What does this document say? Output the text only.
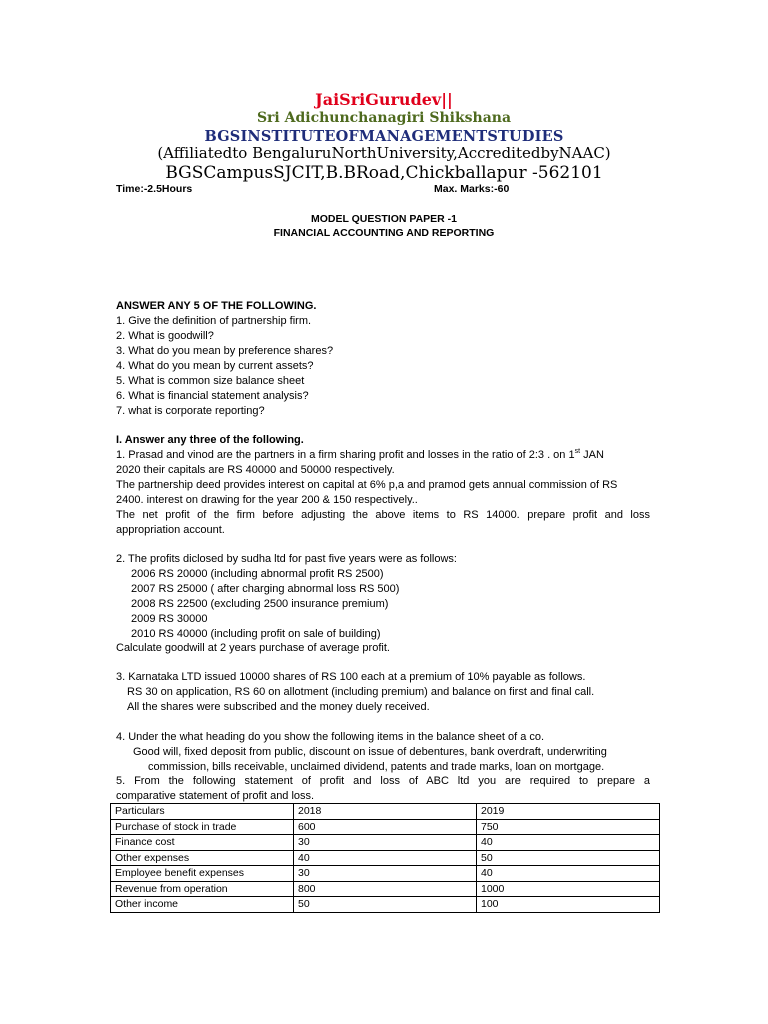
JaiSriGurudev||
Sri Adichunchanagiri Shikshana
BGSINSTITUTEOFMANAGEMENTSTUDIES
(Affiliatedto BengaluruNorthUniversity,AccreditedbyNAAC)
BGSCampusSJCIT,B.BRoad,Chickballapur -562101
Time:-2.5Hours	Max. Marks:-60
MODEL QUESTION PAPER -1
FINANCIAL ACCOUNTING AND REPORTING
ANSWER ANY 5 OF THE FOLLOWING.
1. Give the definition of partnership firm.
2. What is goodwill?
3. What do you mean by preference shares?
4. What do you mean by current assets?
5. What is common size balance sheet
6. What is financial statement analysis?
7. what is corporate reporting?
I. Answer any three of the following.
1. Prasad and vinod are the partners in a firm sharing profit and losses in the ratio of 2:3 . on 1st JAN
2020 their capitals are RS 40000 and 50000 respectively.
The partnership deed provides interest on capital at 6% p,a and pramod gets annual commission of RS
2400. interest on drawing for the year 200 & 150 respectively..
The net profit of the firm before adjusting the above items to RS 14000. prepare profit and loss
appropriation account.
2. The profits diclosed by sudha ltd for past five years were as follows:
2006 RS 20000 (including abnormal profit RS 2500)
2007 RS 25000 ( after charging abnormal loss RS 500)
2008 RS 22500 (excluding 2500 insurance premium)
2009 RS 30000
2010 RS 40000 (including profit on sale of building)
Calculate goodwill at 2 years purchase of average profit.
3. Karnataka LTD issued 10000 shares of RS 100 each at a premium of 10% payable as follows.
RS 30 on application, RS 60 on allotment (including premium) and balance on first and final call.
All the shares were subscribed and the money duely received.
4. Under the what heading do you show the following items in the balance sheet of a co.
Good will, fixed deposit from public, discount on issue of debentures, bank overdraft, underwriting
commission, bills receivable, unclaimed dividend, patents and trade marks, loan on mortgage.
5. From the following statement of profit and loss of ABC ltd you are required to prepare a
comparative statement of profit and loss.
Particulars	2018	2019
Purchase of stock in trade	600	750
Finance cost	30	40
Other expenses	40	50
Employee benefit expenses	30	40
Revenue from operation	800	1000
Other income	50	100
